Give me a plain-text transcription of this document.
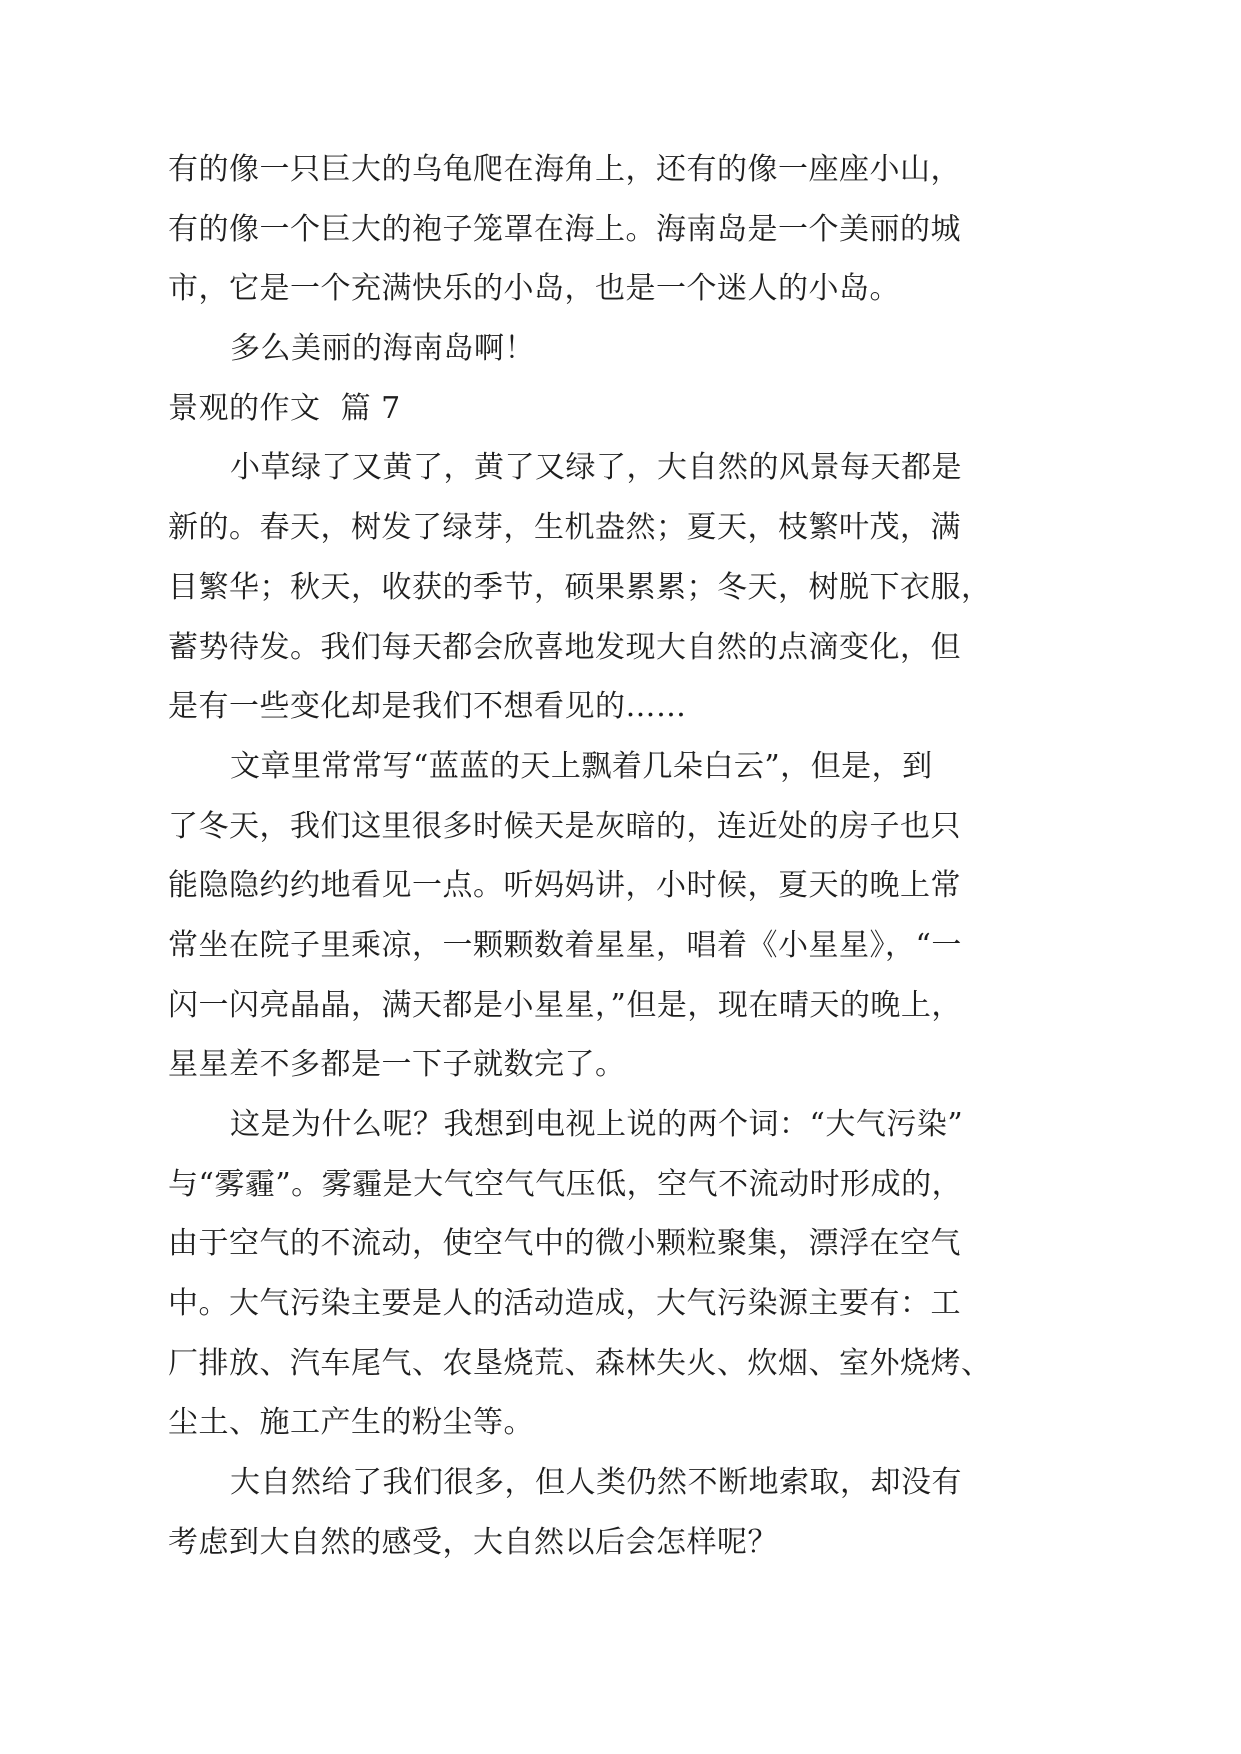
有的像一只巨大的乌龟爬在海角上，还有的像一座座小山，
有的像一个巨大的袍子笼罩在海上。海南岛是一个美丽的城
市，它是一个充满快乐的小岛，也是一个迷人的小岛。
多么美丽的海南岛啊！
景观的作文  篇 7
小草绿了又黄了，黄了又绿了，大自然的风景每天都是
新的。春天，树发了绿芽，生机盎然；夏天，枝繁叶茂，满
目繁华；秋天，收获的季节，硕果累累；冬天，树脱下衣服，
蓄势待发。我们每天都会欣喜地发现大自然的点滴变化，但
是有一些变化却是我们不想看见的……
文章里常常写“蓝蓝的天上飘着几朵白云”，但是，到
了冬天，我们这里很多时候天是灰暗的，连近处的房子也只
能隐隐约约地看见一点。听妈妈讲，小时候，夏天的晚上常
常坐在院子里乘凉，一颗颗数着星星，唱着《小星星》，“一
闪一闪亮晶晶，满天都是小星星，”但是，现在晴天的晚上，
星星差不多都是一下子就数完了。
这是为什么呢？我想到电视上说的两个词：“大气污染”
与“雾霾”。雾霾是大气空气气压低，空气不流动时形成的，
由于空气的不流动，使空气中的微小颗粒聚集，漂浮在空气
中。大气污染主要是人的活动造成，大气污染源主要有：工
厂排放、汽车尾气、农垦烧荒、森林失火、炊烟、室外烧烤、
尘土、施工产生的粉尘等。
大自然给了我们很多，但人类仍然不断地索取，却没有
考虑到大自然的感受，大自然以后会怎样呢？
